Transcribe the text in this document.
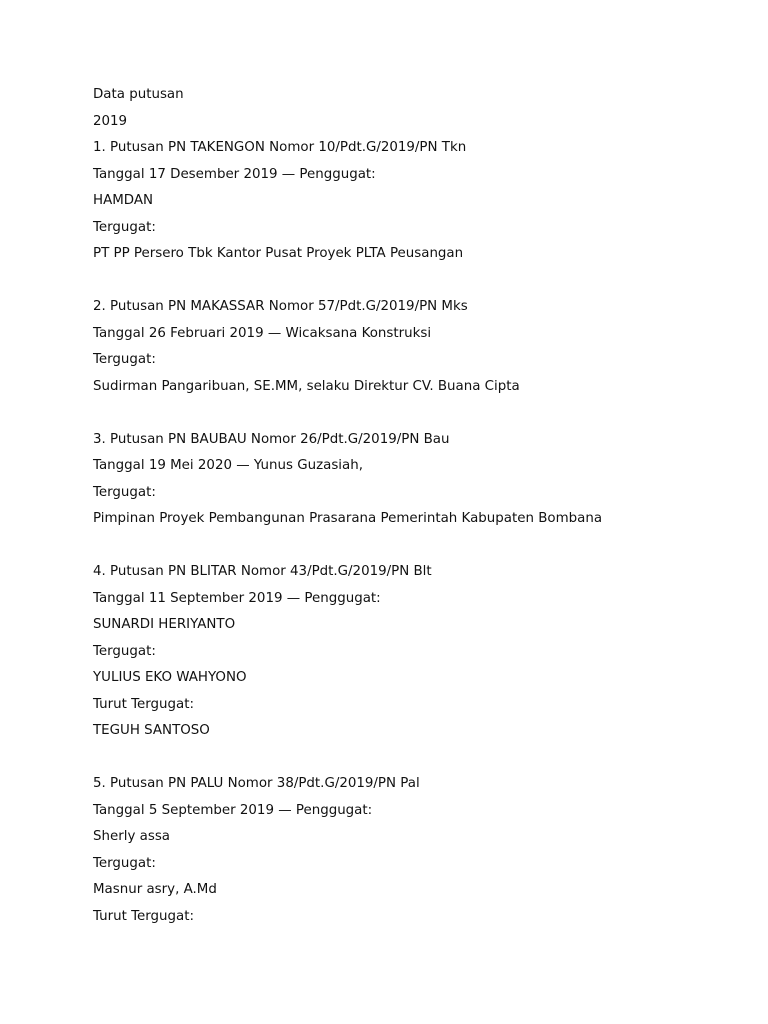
Data putusan
2019
1. Putusan PN TAKENGON Nomor 10/Pdt.G/2019/PN Tkn
Tanggal 17 Desember 2019 — Penggugat:
HAMDAN
Tergugat:
PT PP Persero Tbk Kantor Pusat Proyek PLTA Peusangan
2. Putusan PN MAKASSAR Nomor 57/Pdt.G/2019/PN Mks
Tanggal 26 Februari 2019 — Wicaksana Konstruksi
Tergugat:
Sudirman Pangaribuan, SE.MM, selaku Direktur CV. Buana Cipta
3. Putusan PN BAUBAU Nomor 26/Pdt.G/2019/PN Bau
Tanggal 19 Mei 2020 — Yunus Guzasiah,
Tergugat:
Pimpinan Proyek Pembangunan Prasarana Pemerintah Kabupaten Bombana
4. Putusan PN BLITAR Nomor 43/Pdt.G/2019/PN Blt
Tanggal 11 September 2019 — Penggugat:
SUNARDI HERIYANTO
Tergugat:
YULIUS EKO WAHYONO
Turut Tergugat:
TEGUH SANTOSO
5. Putusan PN PALU Nomor 38/Pdt.G/2019/PN Pal
Tanggal 5 September 2019 — Penggugat:
Sherly assa
Tergugat:
Masnur asry, A.Md
Turut Tergugat:
